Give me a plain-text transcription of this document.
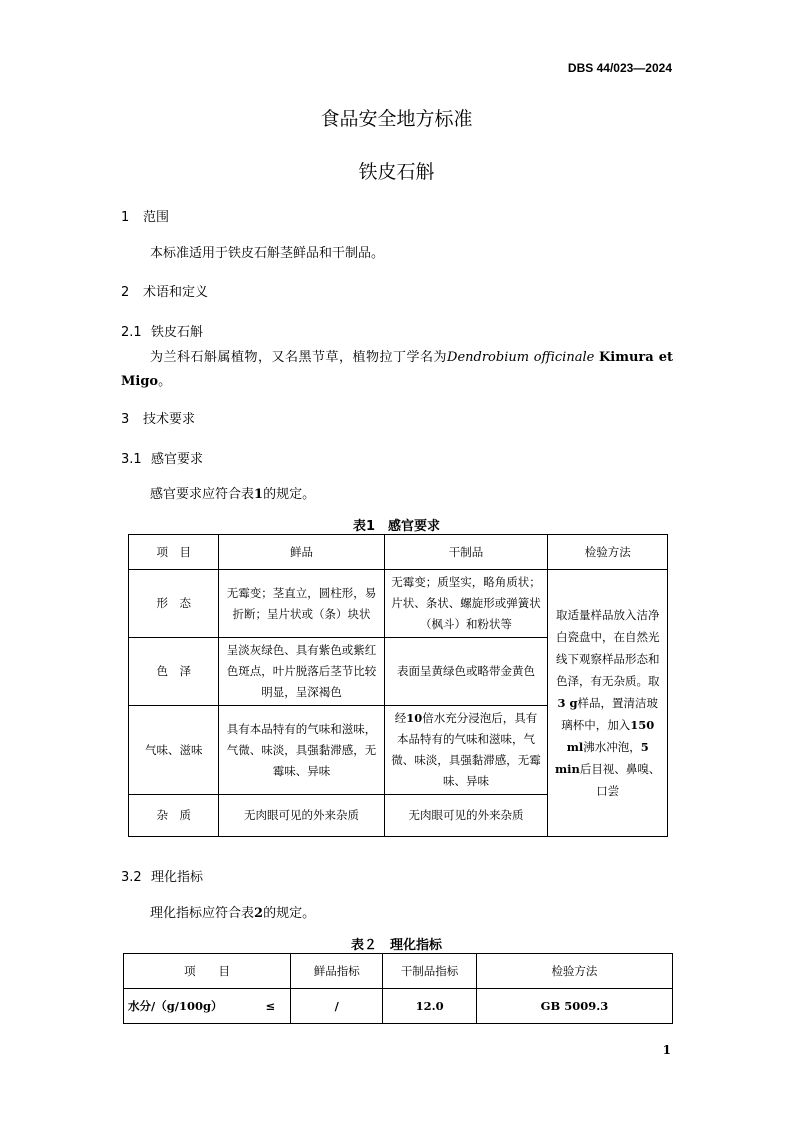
DBS 44/023—2024
食品安全地方标准
铁皮石斛
1 范围
本标准适用于铁皮石斛茎鲜品和干制品。
2 术语和定义
2.1 铁皮石斛
为兰科石斛属植物，又名黑节草，植物拉丁学名为Dendrobium officinale Kimura et Migo。
3 技术要求
3.1 感官要求
感官要求应符合表1的规定。
表1　感官要求
项　目	鲜品	干制品	检验方法
形　态	无霉变；茎直立，圆柱形，易折断；呈片状或（条）块状	无霉变；质坚实，略角质状；片状、条状、螺旋形或弹簧状（枫斗）和粉状等	取适量样品放入洁净白瓷盘中，在自然光线下观察样品形态和色泽，有无杂质。取3 g样品，置清洁玻璃杯中，加入150 ml沸水冲泡，5 min后目视、鼻嗅、口尝
色　泽	呈淡灰绿色、具有紫色或紫红色斑点，叶片脱落后茎节比较明显，呈深褐色	表面呈黄绿色或略带金黄色	
气味、滋味	具有本品特有的气味和滋味，气微、味淡，具强黏滞感，无霉味、异味	经10倍水充分浸泡后，具有本品特有的气味和滋味，气微、味淡，具强黏滞感，无霉味、异味	
杂　质	无肉眼可见的外来杂质	无肉眼可见的外来杂质	
3.2 理化指标
理化指标应符合表2的规定。
表２　理化指标
项　　目	鲜品指标	干制品指标	检验方法
水分/（g/100g） ≤	/	12.0	GB 5009.3
1
